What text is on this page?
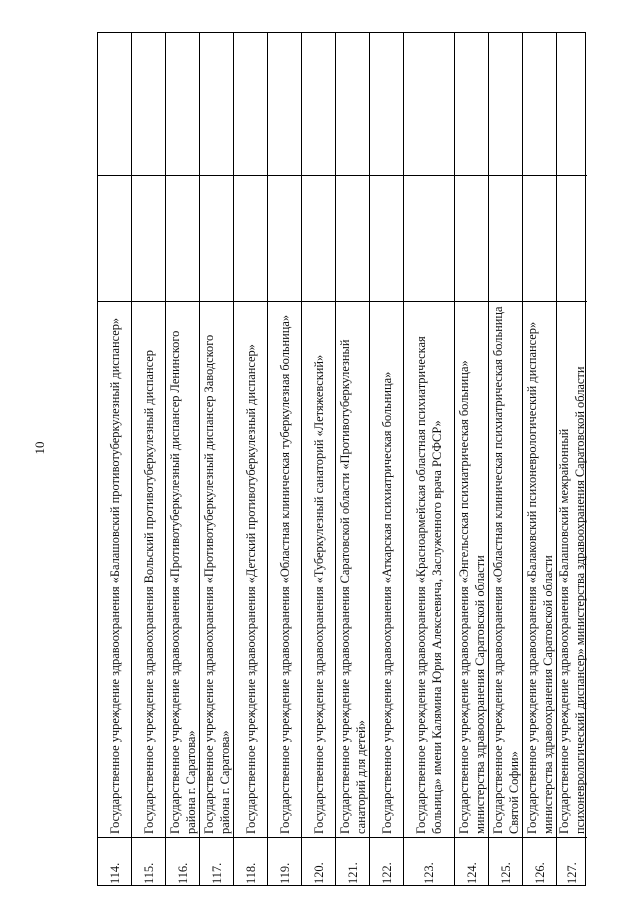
10	Государственное учреждение здравоохранения «Балашовский противотуберкулезный диспансер»
114.
Государственное учреждение здравоохранения Вольский противотуберкулезный диспансер
115.
Государственное учреждение здравоохранения «Противотуберкулезный диспансер Ленинского района г. Саратова»
116.
Государственное учреждение здравоохранения «Противотуберкулезный диспансер Заводского района г. Саратова»
117.
Государственное учреждение здравоохранения «Детский противотуберкулезный диспансер»
118.
Государственное учреждение здравоохранения «Областная клиническая туберкулезная больница»
119.
Государственное учреждение здравоохранения «Туберкулезный санаторий «Летяжевский»
120.
Государственное учреждение здравоохранения Саратовской области «Противотуберкулезный санаторий для детей»
121.
Государственное учреждение здравоохранения «Аткарская психиатрическая больница»
122.
Государственное учреждение здравоохранения «Красноармейская областная психиатрическая больница» имени Калямина Юрия Алексеевича, Заслуженного врача РСФСР»
123.
Государственное учреждение здравоохранения «Энгельсская психиатрическая больница» министерства здравоохранения Саратовской области
124.
Государственное учреждение здравоохранения «Областная клиническая психиатрическая больница Святой Софии»
125.
Государственное учреждение здравоохранения «Балаковский психоневрологический диспансер» министерства здравоохранения Саратовской области
126.
Государственное учреждение здравоохранения «Балашовский межрайонный психоневрологический диспансер» министерства здравоохранения Саратовской области
127.
